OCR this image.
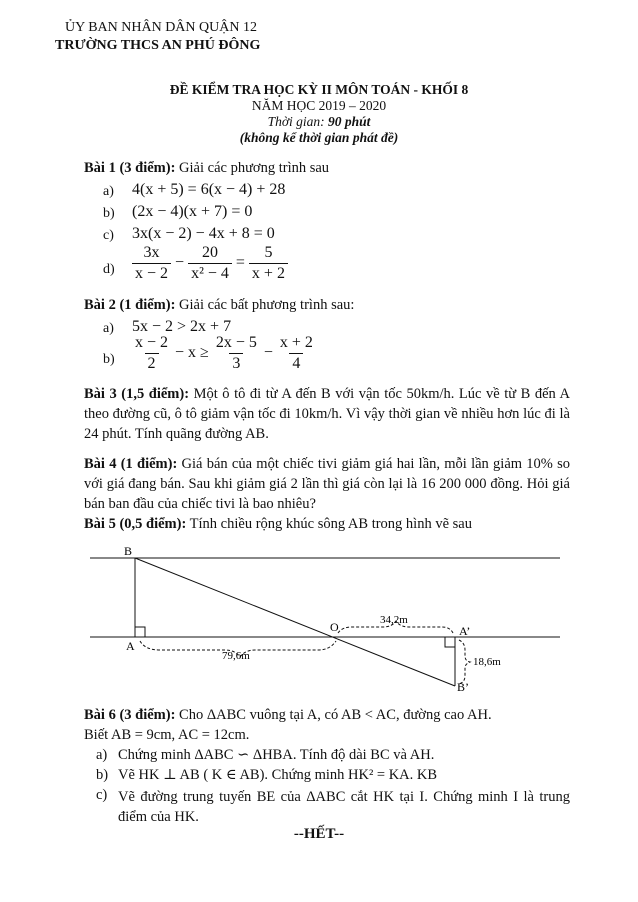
ỦY BAN NHÂN DÂN QUẬN 12
TRƯỜNG THCS AN PHÚ ĐÔNG
ĐỀ KIỂM TRA HỌC KỲ II MÔN TOÁN - KHỐI 8
NĂM HỌC 2019 – 2020
Thời gian: 90 phút
(không kể thời gian phát đề)
Bài 1 (3 điểm): Giải các phương trình sau
a) 4(x + 5) = 6(x − 4) + 28
b) (2x − 4)(x + 7) = 0
c) 3x(x − 2) − 4x + 8 = 0
$d) \frac{3x}{x - 2} - \frac{20}{\text{x² − 4}} = \frac{5}{x + 2}$
Bài 2 (1 điểm): Giải các bất phương trình sau:
a) 5x − 2 > 2x + 7
$b) \frac{x - 2}{2} - x \ge \frac{2x - 5}{3} - \frac{x + 2}{4}$
Bài 3 (1,5 điểm): Một ô tô đi từ A đến B với vận tốc 50km/h. Lúc về từ B đến A theo đường cũ, ô tô giảm vận tốc đi 10km/h. Vì vậy thời gian về nhiều hơn lúc đi là 24 phút. Tính quãng đường AB.
Bài 4 (1 điểm): Giá bán của một chiếc tivi giảm giá hai lần, mỗi lần giảm 10% so với giá đang bán. Sau khi giảm giá 2 lần thì giá còn lại là 16 200 000 đồng. Hỏi giá bán ban đầu của chiếc tivi là bao nhiêu?
Bài 5 (0,5 điểm): Tính chiều rộng khúc sông AB trong hình vẽ sau
B
A
O	A’
B’
79,6m
34,2m
18,6m
Bài 6 (3 điểm): Cho ΔABC vuông tại A, có AB < AC, đường cao AH.
Biết AB = 9cm, AC = 12cm.
a) Chứng minh ΔABC ∽ ΔHBA. Tính độ dài BC và AH.
b) Vẽ HK ⊥ AB ( K ∈ AB). Chứng minh HK² = KA. KB
c) Vẽ đường trung tuyến BE của ΔABC cắt HK tại I. Chứng minh I là trung điểm của HK.
--HẾT--
